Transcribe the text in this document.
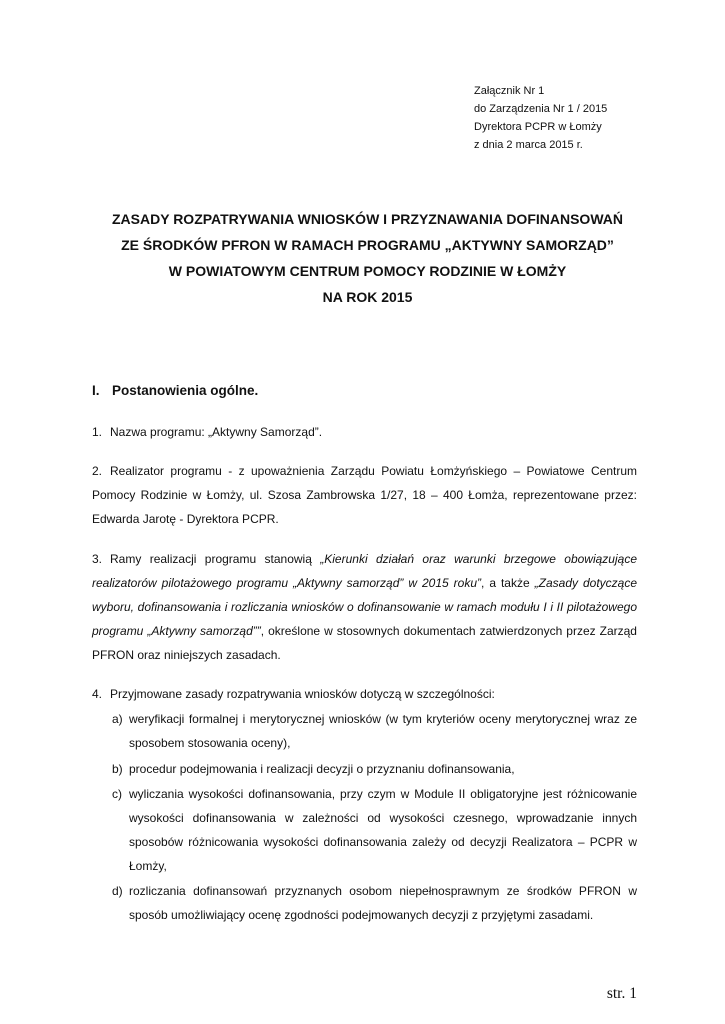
Załącznik Nr 1
do Zarządzenia Nr 1 / 2015
Dyrektora PCPR w Łomży
z dnia 2 marca 2015 r.
ZASADY ROZPATRYWANIA WNIOSKÓW I PRZYZNAWANIA DOFINANSOWAŃ
ZE ŚRODKÓW PFRON W RAMACH PROGRAMU „AKTYWNY SAMORZĄD”
W POWIATOWYM CENTRUM POMOCY RODZINIE W ŁOMŻY
NA ROK 2015
I. Postanowienia ogólne.
1. Nazwa programu: „Aktywny Samorząd”.
2. Realizator programu - z upoważnienia Zarządu Powiatu Łomżyńskiego – Powiatowe Centrum
Pomocy Rodzinie w Łomży, ul. Szosa Zambrowska 1/27, 18 – 400 Łomża, reprezentowane przez:
Edwarda Jarotę - Dyrektora PCPR.
3. Ramy realizacji programu stanowią „Kierunki działań oraz warunki brzegowe obowiązujące realizatorów pilotażowego programu „Aktywny samorząd” w 2015 roku”, a także „Zasady dotyczące wyboru, dofinansowania i rozliczania wniosków o dofinansowanie w ramach modułu I i II pilotażowego programu „Aktywny samorząd””, określone w stosownych dokumentach zatwierdzonych przez Zarząd PFRON oraz niniejszych zasadach.
4. Przyjmowane zasady rozpatrywania wniosków dotyczą w szczególności:
a) weryfikacji formalnej i merytorycznej wniosków (w tym kryteriów oceny merytorycznej wraz ze sposobem stosowania oceny),
b) procedur podejmowania i realizacji decyzji o przyznaniu dofinansowania,
c) wyliczania wysokości dofinansowania, przy czym w Module II obligatoryjne jest różnicowanie wysokości dofinansowania w zależności od wysokości czesnego, wprowadzanie innych sposobów różnicowania wysokości dofinansowania zależy od decyzji Realizatora – PCPR w Łomży,
d) rozliczania dofinansowań przyznanych osobom niepełnosprawnym ze środków PFRON w sposób umożliwiający ocenę zgodności podejmowanych decyzji z przyjętymi zasadami.
str. 1
